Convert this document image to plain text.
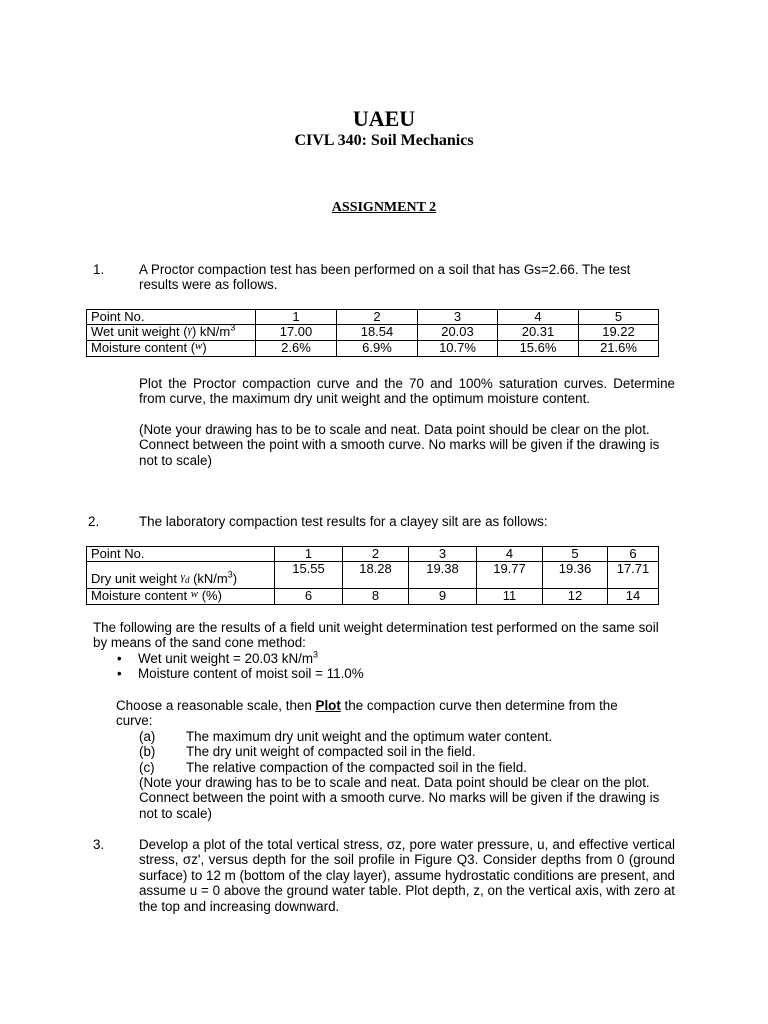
UAEU
CIVL 340: Soil Mechanics
ASSIGNMENT 2
1.	A Proctor compaction test has been performed on a soil that has Gs=2.66. The test
results were as follows.
Point No.	1	2	3	4	5
Wet unit weight ($^\gamma$) $kN/m^3$	17.00	18.54	20.03	20.31	19.22
Moisture content ($^w$)	2.6%	6.9%	10.7%	15.6%	21.6%
Plot the Proctor compaction curve and the 70 and 100% saturation curves. Determine from curve, the maximum dry unit weight and the optimum moisture content.
(Note your drawing has to be to scale and neat. Data point should be clear on the plot. Connect between the point with a smooth curve. No marks will be given if the drawing is not to scale)
2.	The laboratory compaction test results for a clayey silt are as follows:
Point No.	1	2	3	4	5	6
Dry unit weight $^{\gamma_d}$ $(kN/m^3)$	15.55	18.28	19.38	19.77	19.36	17.71
Moisture content $^w$ (%)	6	8	9	11	12	14
The following are the results of a field unit weight determination test performed on the same soil by means of the sand cone method:
• Wet unit weight = 20.03 $kN/m^3$
• Moisture content of moist soil = 11.0%
Choose a reasonable scale, then Plot the compaction curve then determine from the curve:
(a) The maximum dry unit weight and the optimum water content.
(b) The dry unit weight of compacted soil in the field.
(c) The relative compaction of the compacted soil in the field.
(Note your drawing has to be to scale and neat. Data point should be clear on the plot. Connect between the point with a smooth curve. No marks will be given if the drawing is not to scale)
3.	Develop a plot of the total vertical stress, σz, pore water pressure, u, and effective vertical stress, σz', versus depth for the soil profile in Figure Q3. Consider depths from 0 (ground surface) to 12 m (bottom of the clay layer), assume hydrostatic conditions are present, and assume u = 0 above the ground water table. Plot depth, z, on the vertical axis, with zero at the top and increasing downward.
